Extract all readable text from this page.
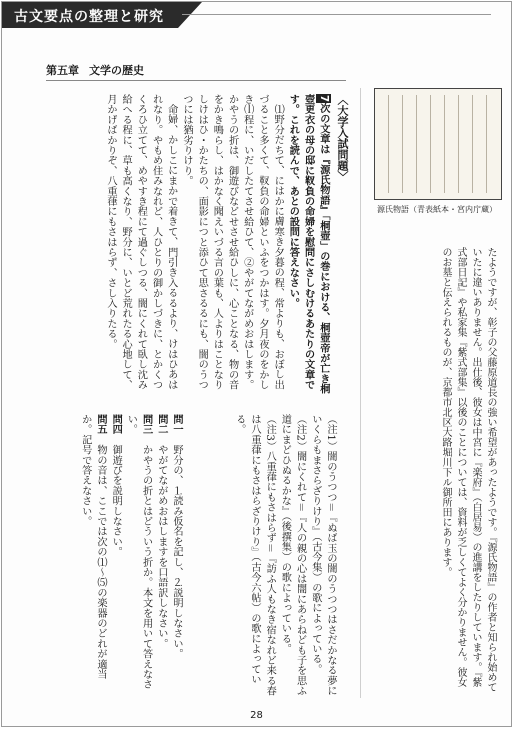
古文要点の整理と研究
第五章 文学の歴史
〈大学入試問題〉
7次の文章は『源氏物語』「桐壺」の巻における、桐壺帝が亡き桐壺更衣の母の邸に靫負の命婦を慰問にさしむけるあたりの文章です。これを読んで、あとの設問に答えなさい。
⑴野分だちて、にはかに膚寒き夕暮の程、常よりも、おぼし出づること多くて、靫負の命婦といふをつかはす。夕月夜のをかしき⒧程に、いだしたてさせ給ひて、②やがてながめおはします。かやうの折は、御遊びなどせさせ給ひしに、心ことなる、物の音をかき鳴らし、はかなく聞えいづる言の葉も、人よりはことなりしけはひ・かたちの、面影につと添ひて思さるるにも、闇のうつつには猶劣りけり。
命婦、かしこにまかで着きて、門引き入るるより、けはひあはれなり。やもめ住みなれど、人ひとりの御かしづきに、とかくつくろひ立てて、めやすき程にて過ぐしつる、闇にくれて臥し沈み給へる程に、草も高くなり、野分に、いとど荒れたる心地して、月かげばかりぞ、八重葎にもさはらず、さし入りたる。
（注1）闇のうつつ＝『ぬば玉の闇のうつつはさだかなる夢にいくらもまさらざりけり』（古今集）の歌によっている。
（注2）闇にくれて＝『人の親の心は闇にあらねども子を思ふ道にまどひぬるかな』（後撰集）の歌によっている。
（注3）八重葎にもさはらず＝『訪ふ人もなき宿なれど来る春は八重葎にもさはらざりけり』（古今六帖）の歌によっている。
問一　野分の、⒈読み仮名を記し、⒉説明しなさい。
問二　やがてながめおはしますを口語訳しなさい。
問三　かやうの折とはどういう折か。本文を用いて答えなさい。
問四　御遊びを説明しなさい。
問五　物の音は、ここでは次の⑴〜⑸の楽器のどれが適当か。記号で答えなさい。
源氏物語（青表紙本・宮内庁蔵）
たようですが、彰子の父藤原道長の強い希望があったようです。『源氏物語』の作者と知られ始めていたに違いありません。出仕後、彼女は中宮に『楽府』（白居易）の進講をしたりしています。『紫式部日記』や私家集『紫式部集』以後のことについては、資料が乏しくてよく分かりません。彼女のお墓と伝えられるものが、京都市北区大路堀川下ル御所田にあります。
28
